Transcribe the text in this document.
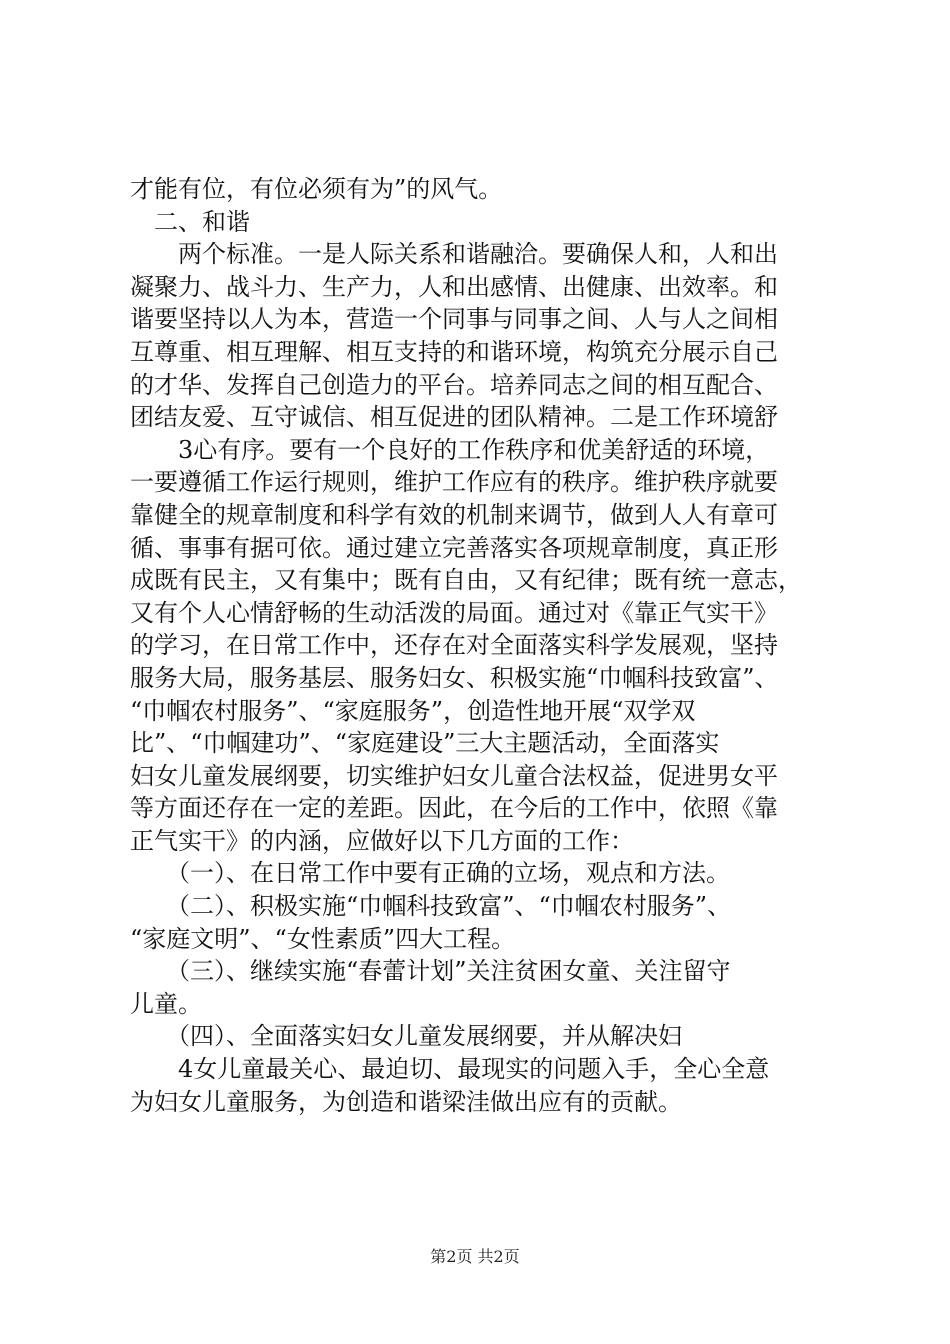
才能有位，有位必须有为”的风气。
　二、和谐
　　两个标准。一是人际关系和谐融洽。要确保人和，人和出
凝聚力、战斗力、生产力，人和出感情、出健康、出效率。和
谐要坚持以人为本，营造一个同事与同事之间、人与人之间相
互尊重、相互理解、相互支持的和谐环境，构筑充分展示自己
的才华、发挥自己创造力的平台。培养同志之间的相互配合、
团结友爱、互守诚信、相互促进的团队精神。二是工作环境舒
　　3心有序。要有一个良好的工作秩序和优美舒适的环境，
一要遵循工作运行规则，维护工作应有的秩序。维护秩序就要
靠健全的规章制度和科学有效的机制来调节，做到人人有章可
循、事事有据可依。通过建立完善落实各项规章制度，真正形
成既有民主，又有集中；既有自由，又有纪律；既有统一意志，
又有个人心情舒畅的生动活泼的局面。通过对《靠正气实干》
的学习，在日常工作中，还存在对全面落实科学发展观，坚持
服务大局，服务基层、服务妇女、积极实施“巾帼科技致富”、
“巾帼农村服务”、“家庭服务”，创造性地开展“双学双
比”、“巾帼建功”、“家庭建设”三大主题活动，全面落实
妇女儿童发展纲要，切实维护妇女儿童合法权益，促进男女平
等方面还存在一定的差距。因此，在今后的工作中，依照《靠
正气实干》的内涵，应做好以下几方面的工作：
　　（一）、在日常工作中要有正确的立场，观点和方法。
　　（二）、积极实施“巾帼科技致富”、“巾帼农村服务”、
“家庭文明”、“女性素质”四大工程。
　　（三）、继续实施“春蕾计划”关注贫困女童、关注留守
儿童。
　　（四）、全面落实妇女儿童发展纲要，并从解决妇
　　4女儿童最关心、最迫切、最现实的问题入手，全心全意
为妇女儿童服务，为创造和谐梁洼做出应有的贡献。
第2页 共2页
